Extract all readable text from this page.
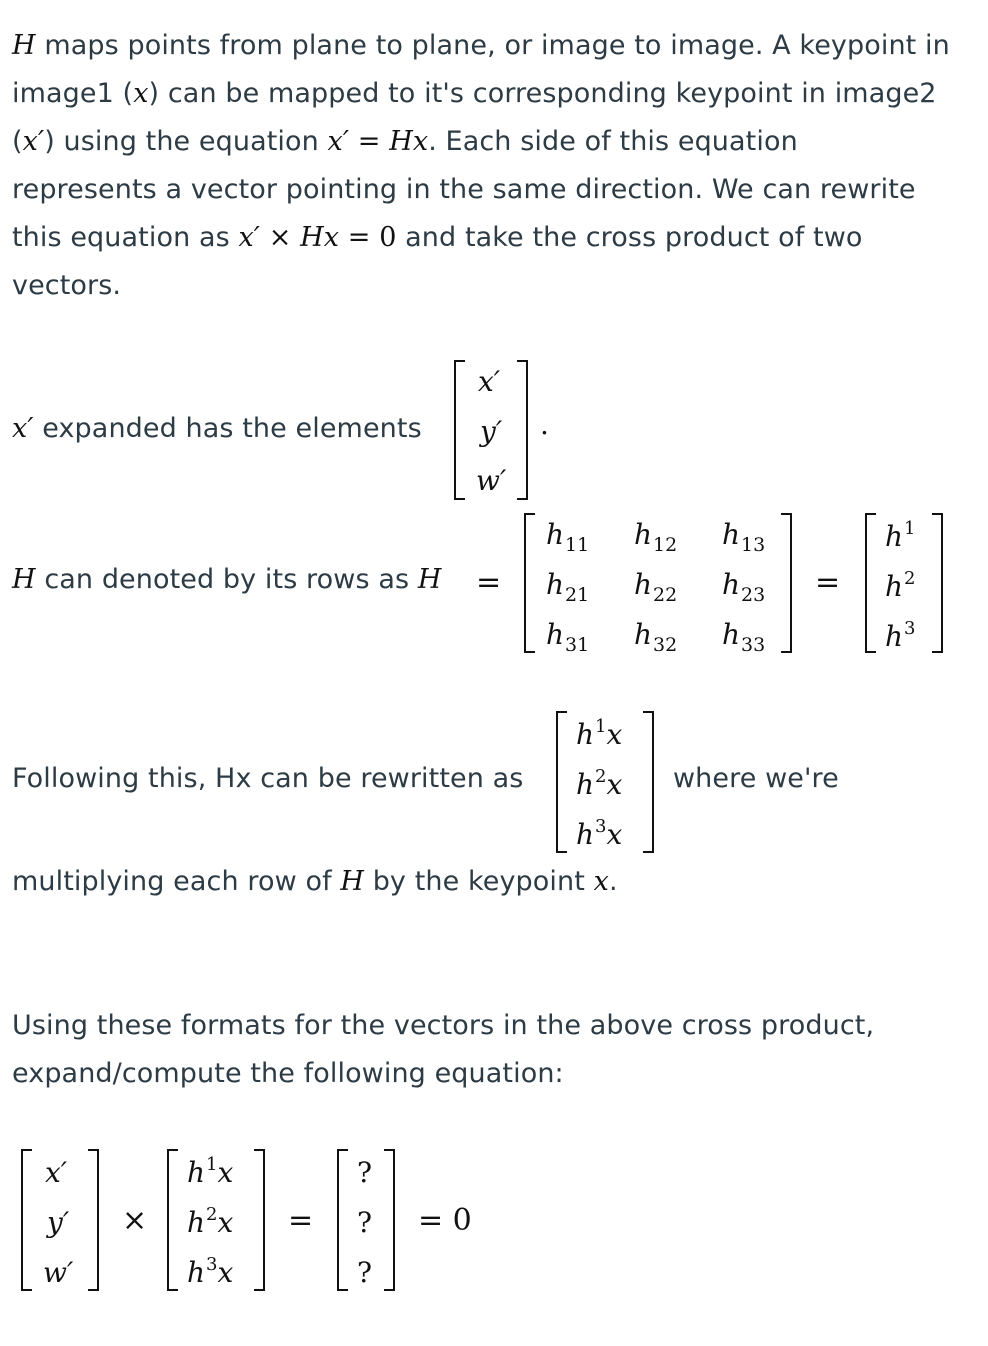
H maps points from plane to plane, or image to image. A keypoint in

image1 (x) can be mapped to it's corresponding keypoint in image2

(x′) using the equation x′ = Hx. Each side of this equation

represents a vector pointing in the same direction. We can rewrite

this equation as x′ × Hx = 0 and take the cross product of two

vectors.

x′ expanded has the elements

x′
y′
w′
.

H can denoted by its rows as H =
$h_{11}$ $h_{12}$ $h_{13}$
$h_{21}$ $h_{22}$ $h_{23}$
$h_{31}$ $h_{32}$ $h_{33}$
=
$h^1$
$h^2$
$h^3$

Following this, Hx can be rewritten as

$h^1x$
$h^2x$
$h^3x$

where we're

multiplying each row of H by the keypoint x.

Using these formats for the vectors in the above cross product,

expand/compute the following equation:

x′
y′
w′
×
$h^1x$
$h^2x$
$h^3x$
=
?
?
?
= 0
